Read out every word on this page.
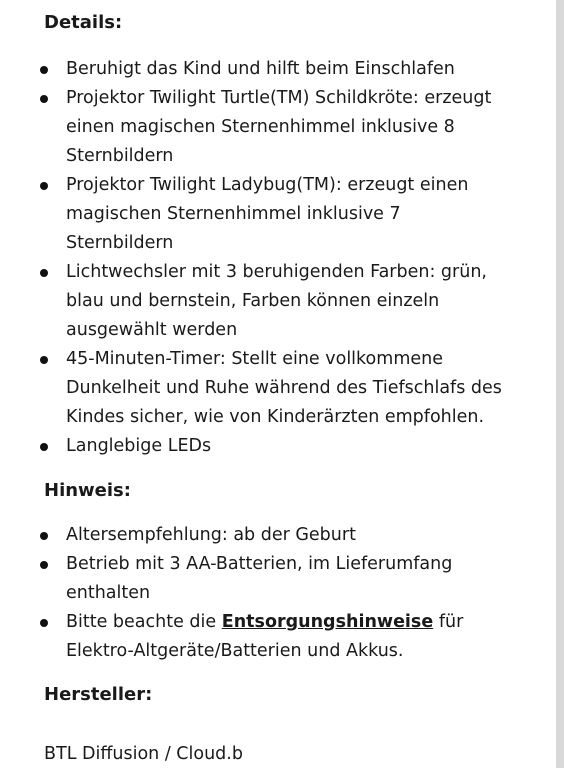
Details:
Beruhigt das Kind und hilft beim Einschlafen
Projektor Twilight Turtle(TM) Schildkröte: erzeugt einen magischen Sternenhimmel inklusive 8 Sternbildern
Projektor Twilight Ladybug(TM): erzeugt einen magischen Sternenhimmel inklusive 7 Sternbildern
Lichtwechsler mit 3 beruhigenden Farben: grün, blau und bernstein, Farben können einzeln ausgewählt werden
45-Minuten-Timer: Stellt eine vollkommene Dunkelheit und Ruhe während des Tiefschlafs des Kindes sicher, wie von Kinderärzten empfohlen.
Langlebige LEDs
Hinweis:
Altersempfehlung: ab der Geburt
Betrieb mit 3 AA-Batterien, im Lieferumfang enthalten
Bitte beachte die Entsorgungshinweise für Elektro-Altgeräte/Batterien und Akkus.
Hersteller:

BTL Diffusion / Cloud.b
